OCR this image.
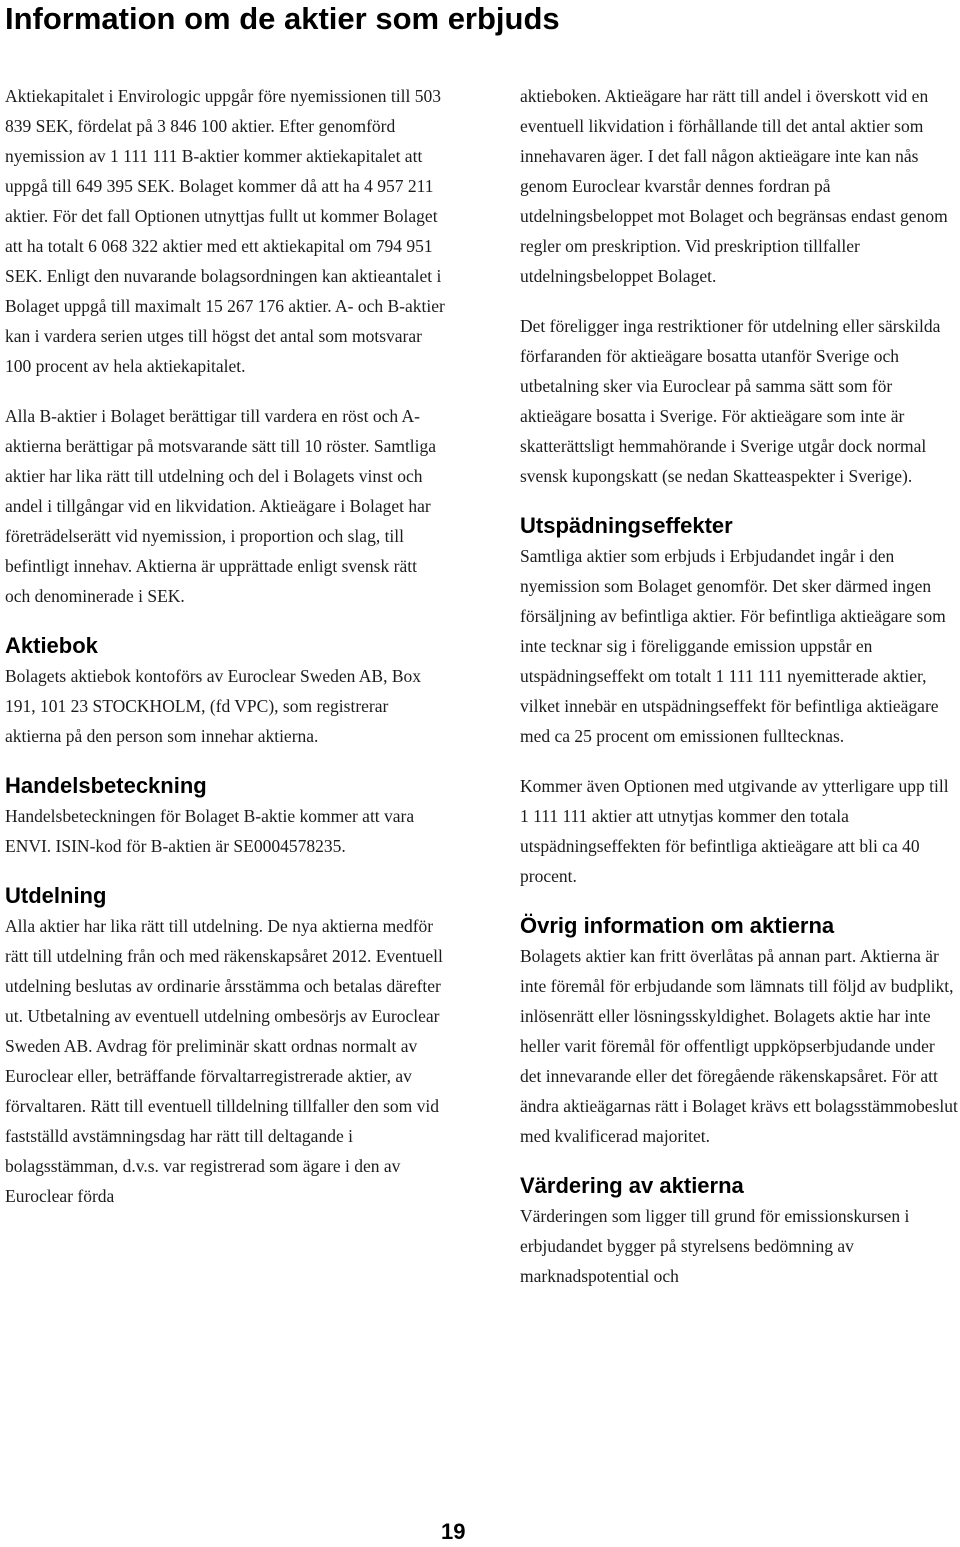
Information om de aktier som erbjuds

Aktiekapitalet i Envirologic uppgår före nyemissionen till 503 839 SEK, fördelat på 3 846 100 aktier. Efter genomförd nyemission av 1 111 111 B-aktier kommer aktiekapitalet att uppgå till 649 395 SEK. Bolaget kommer då att ha 4 957 211 aktier. För det fall Optionen utnyttjas fullt ut kommer Bolaget att ha totalt 6 068 322 aktier med ett aktiekapital om 794 951 SEK. Enligt den nuvarande bolagsordningen kan aktieantalet i Bolaget uppgå till maximalt 15 267 176 aktier. A- och B-aktier kan i vardera serien utges till högst det antal som motsvarar 100 procent av hela aktiekapitalet.

Alla B-aktier i Bolaget berättigar till vardera en röst och A-aktierna berättigar på motsvarande sätt till 10 röster. Samtliga aktier har lika rätt till utdelning och del i Bolagets vinst och andel i tillgångar vid en likvidation. Aktieägare i Bolaget har företrädelserätt vid nyemission, i proportion och slag, till befintligt innehav. Aktierna är upprättade enligt svensk rätt och denominerade i SEK.

Aktiebok

Bolagets aktiebok kontoförs av Euroclear Sweden AB, Box 191, 101 23 STOCKHOLM, (fd VPC), som registrerar aktierna på den person som innehar aktierna.

Handelsbeteckning

Handelsbeteckningen för Bolaget B-aktie kommer att vara ENVI. ISIN-kod för B-aktien är SE0004578235.

Utdelning

Alla aktier har lika rätt till utdelning. De nya aktierna medför rätt till utdelning från och med räkenskapsåret 2012. Eventuell utdelning beslutas av ordinarie årsstämma och betalas därefter ut. Utbetalning av eventuell utdelning ombesörjs av Euroclear Sweden AB. Avdrag för preliminär skatt ordnas normalt av Euroclear eller, beträffande förvaltarregistrerade aktier, av förvaltaren. Rätt till eventuell tilldelning tillfaller den som vid fastställd avstämningsdag har rätt till deltagande i bolagsstämman, d.v.s. var registrerad som ägare i den av Euroclear förda

aktieboken. Aktieägare har rätt till andel i överskott vid en eventuell likvidation i förhållande till det antal aktier som innehavaren äger. I det fall någon aktieägare inte kan nås genom Euroclear kvarstår dennes fordran på utdelningsbeloppet mot Bolaget och begränsas endast genom regler om preskription. Vid preskription tillfaller utdelningsbeloppet Bolaget.

Det föreligger inga restriktioner för utdelning eller särskilda förfaranden för aktieägare bosatta utanför Sverige och utbetalning sker via Euroclear på samma sätt som för aktieägare bosatta i Sverige. För aktieägare som inte är skatterättsligt hemmahörande i Sverige utgår dock normal svensk kupongskatt (se nedan Skatteaspekter i Sverige).

Utspädningseffekter

Samtliga aktier som erbjuds i Erbjudandet ingår i den nyemission som Bolaget genomför. Det sker därmed ingen försäljning av befintliga aktier. För befintliga aktieägare som inte tecknar sig i föreliggande emission uppstår en utspädningseffekt om totalt 1 111 111 nyemitterade aktier, vilket innebär en utspädningseffekt för befintliga aktieägare med ca 25 procent om emissionen fulltecknas.

Kommer även Optionen med utgivande av ytterligare upp till 1 111 111 aktier att utnytjas kommer den totala utspädningseffekten för befintliga aktieägare att bli ca 40 procent.

Övrig information om aktierna

Bolagets aktier kan fritt överlåtas på annan part. Aktierna är inte föremål för erbjudande som lämnats till följd av budplikt, inlösenrätt eller lösningsskyldighet. Bolagets aktie har inte heller varit föremål för offentligt uppköpserbjudande under det innevarande eller det föregående räkenskapsåret. För att ändra aktieägarnas rätt i Bolaget krävs ett bolagsstämmobeslut med kvalificerad majoritet.

Värdering av aktierna

Värderingen som ligger till grund för emissionskursen i erbjudandet bygger på styrelsens bedömning av marknadspotential och

19
